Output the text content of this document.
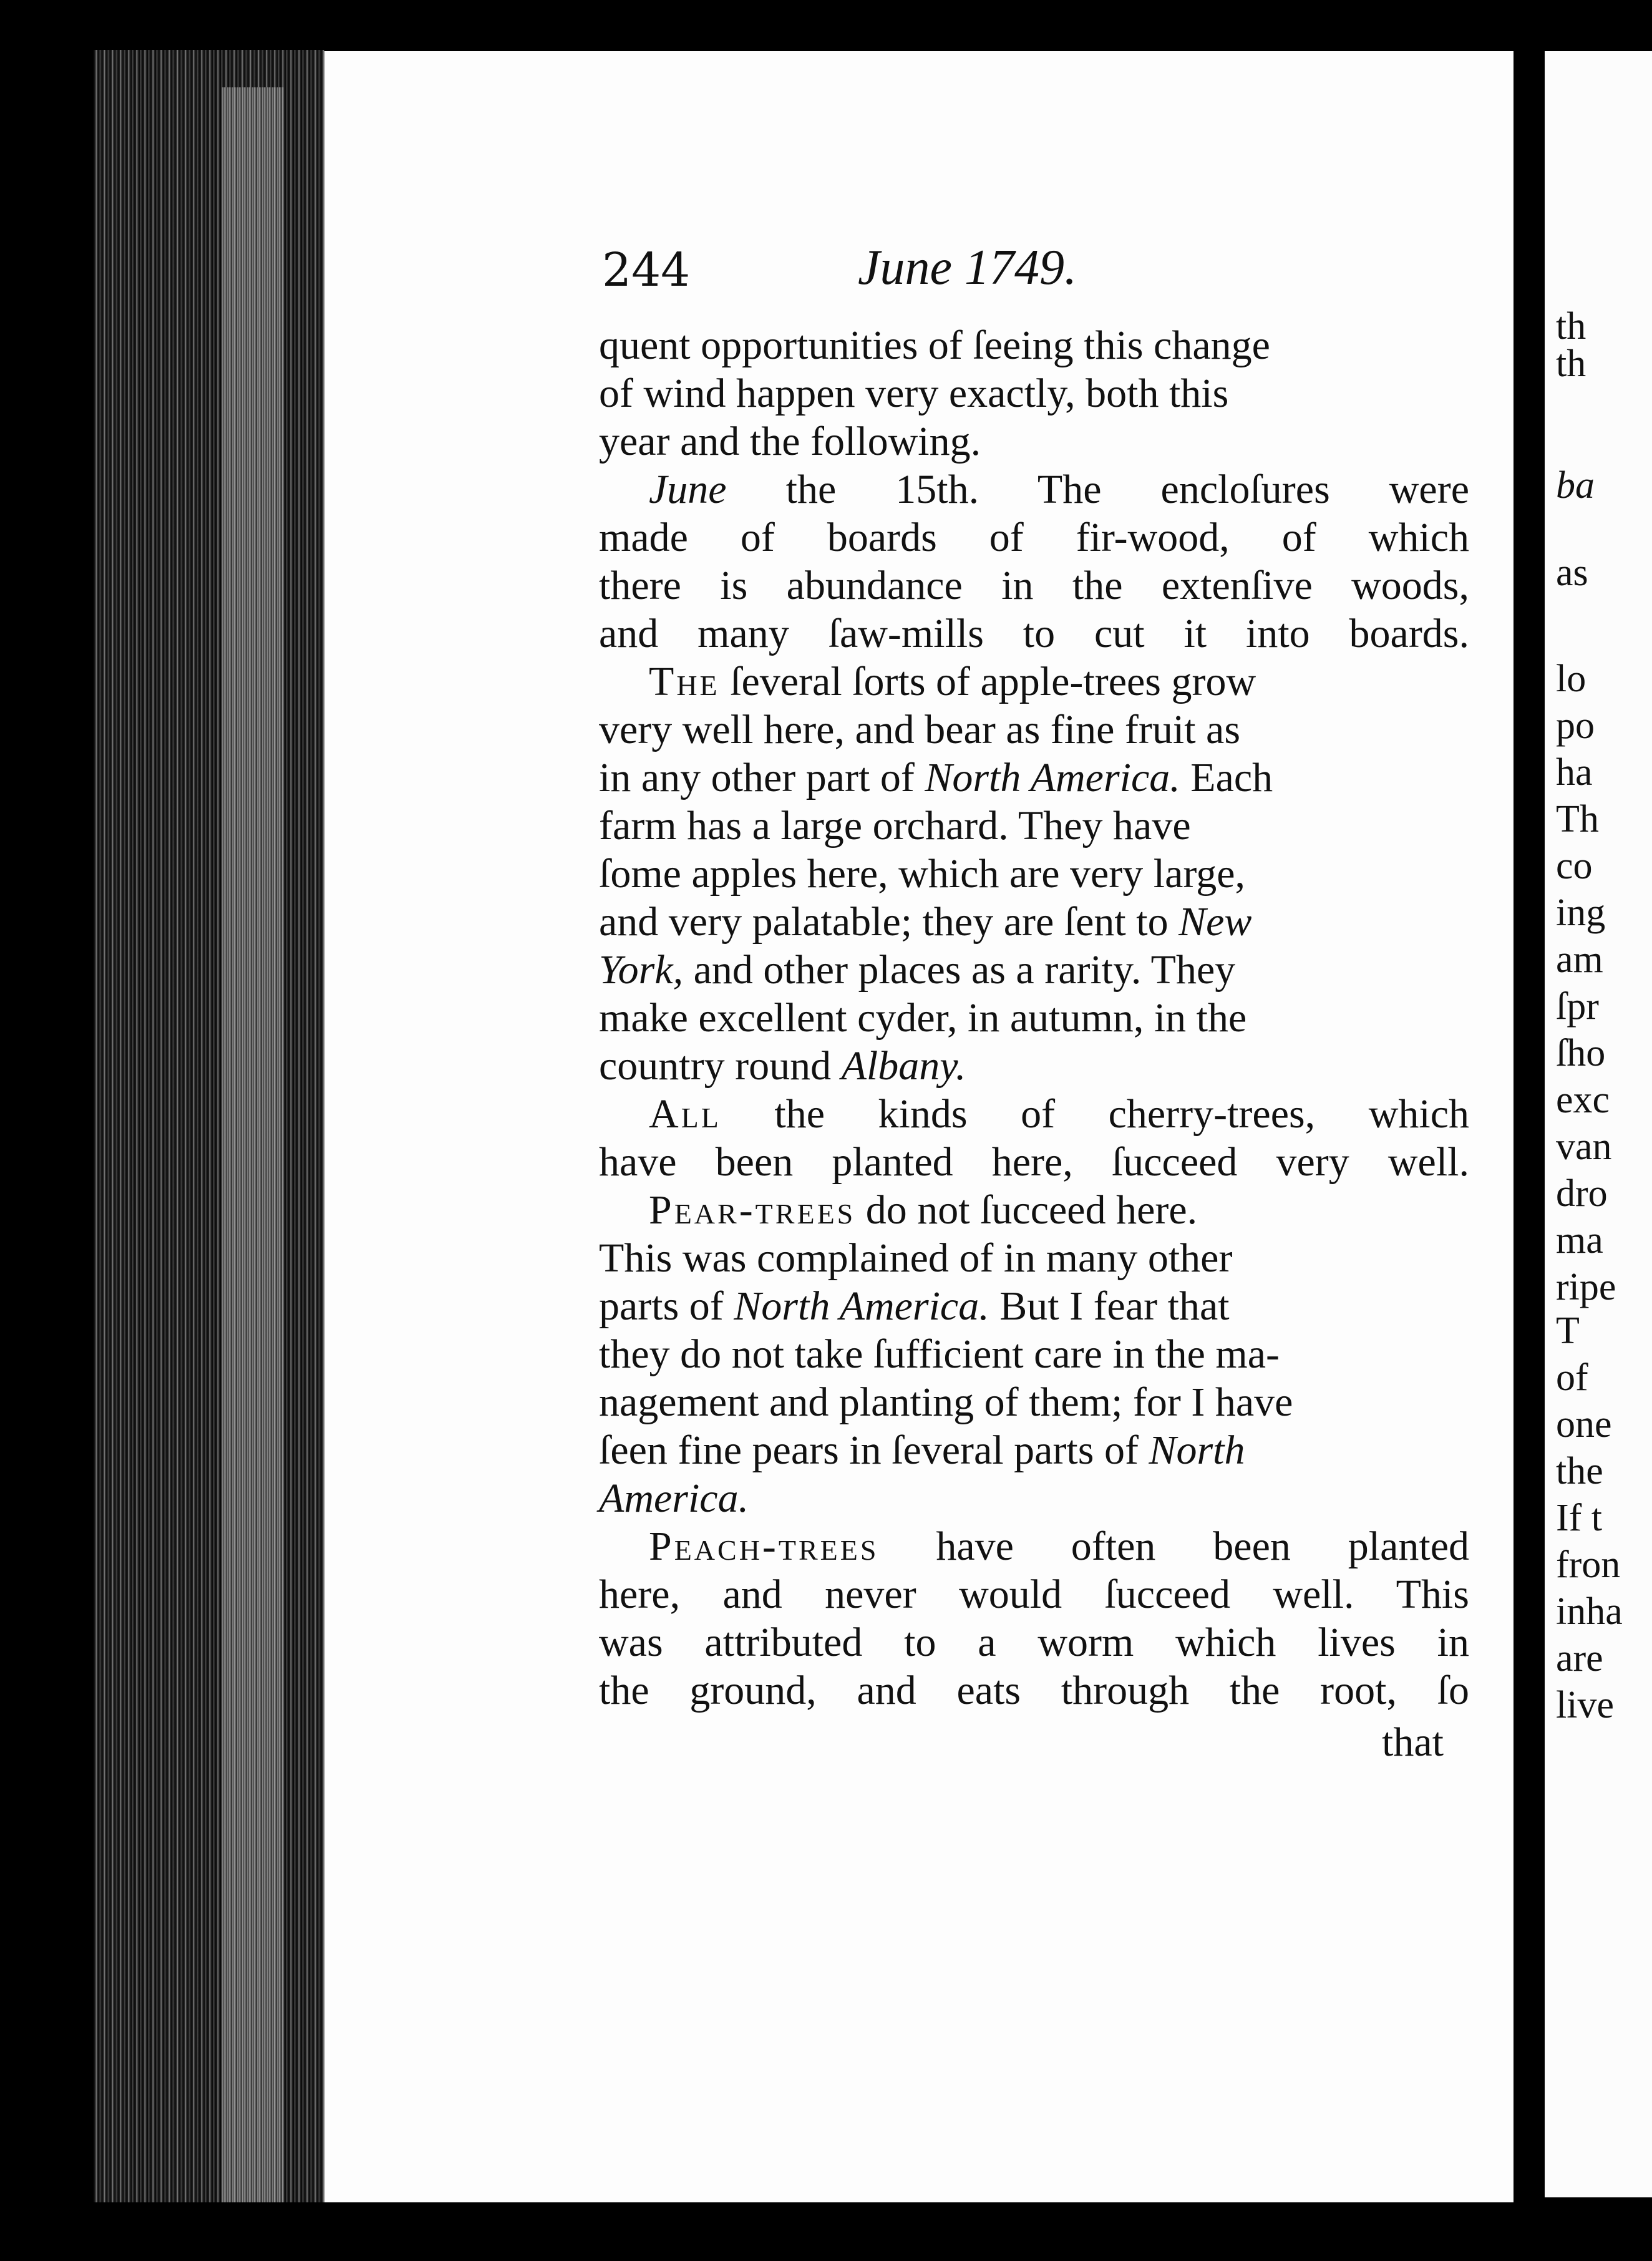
244	June 1749.

quent opportunities of ſeeing this change
of wind happen very exactly, both this
year and the following.

June the 15th. The encloſures were
made of boards of fir-wood, of which
there is abundance in the extenſive woods,
and many ſaw-mills to cut it into boards.

The ſeveral ſorts of apple-trees grow
very well here, and bear as fine fruit as
in any other part of North America. Each
farm has a large orchard. They have
ſome apples here, which are very large,
and very palatable; they are ſent to New
York, and other places as a rarity. They
make excellent cyder, in autumn, in the
country round Albany.

All the kinds of cherry-trees, which
have been planted here, ſucceed very well.

Pear-trees do not ſucceed here.
This was complained of in many other
parts of North America. But I fear that
they do not take ſufficient care in the ma-
nagement and planting of them; for I have
ſeen fine pears in ſeveral parts of North
America.

Peach-trees have often been planted
here, and never would ſucceed well. This
was attributed to a worm which lives in
the ground, and eats through the root, ſo

that
th
th
ba
as
lo
po
ha
Th
co
ing
am
ſpr
ſho
exc
van
dro
ma
ripe
T
of
one
the
If t
fron
inha
are
live
